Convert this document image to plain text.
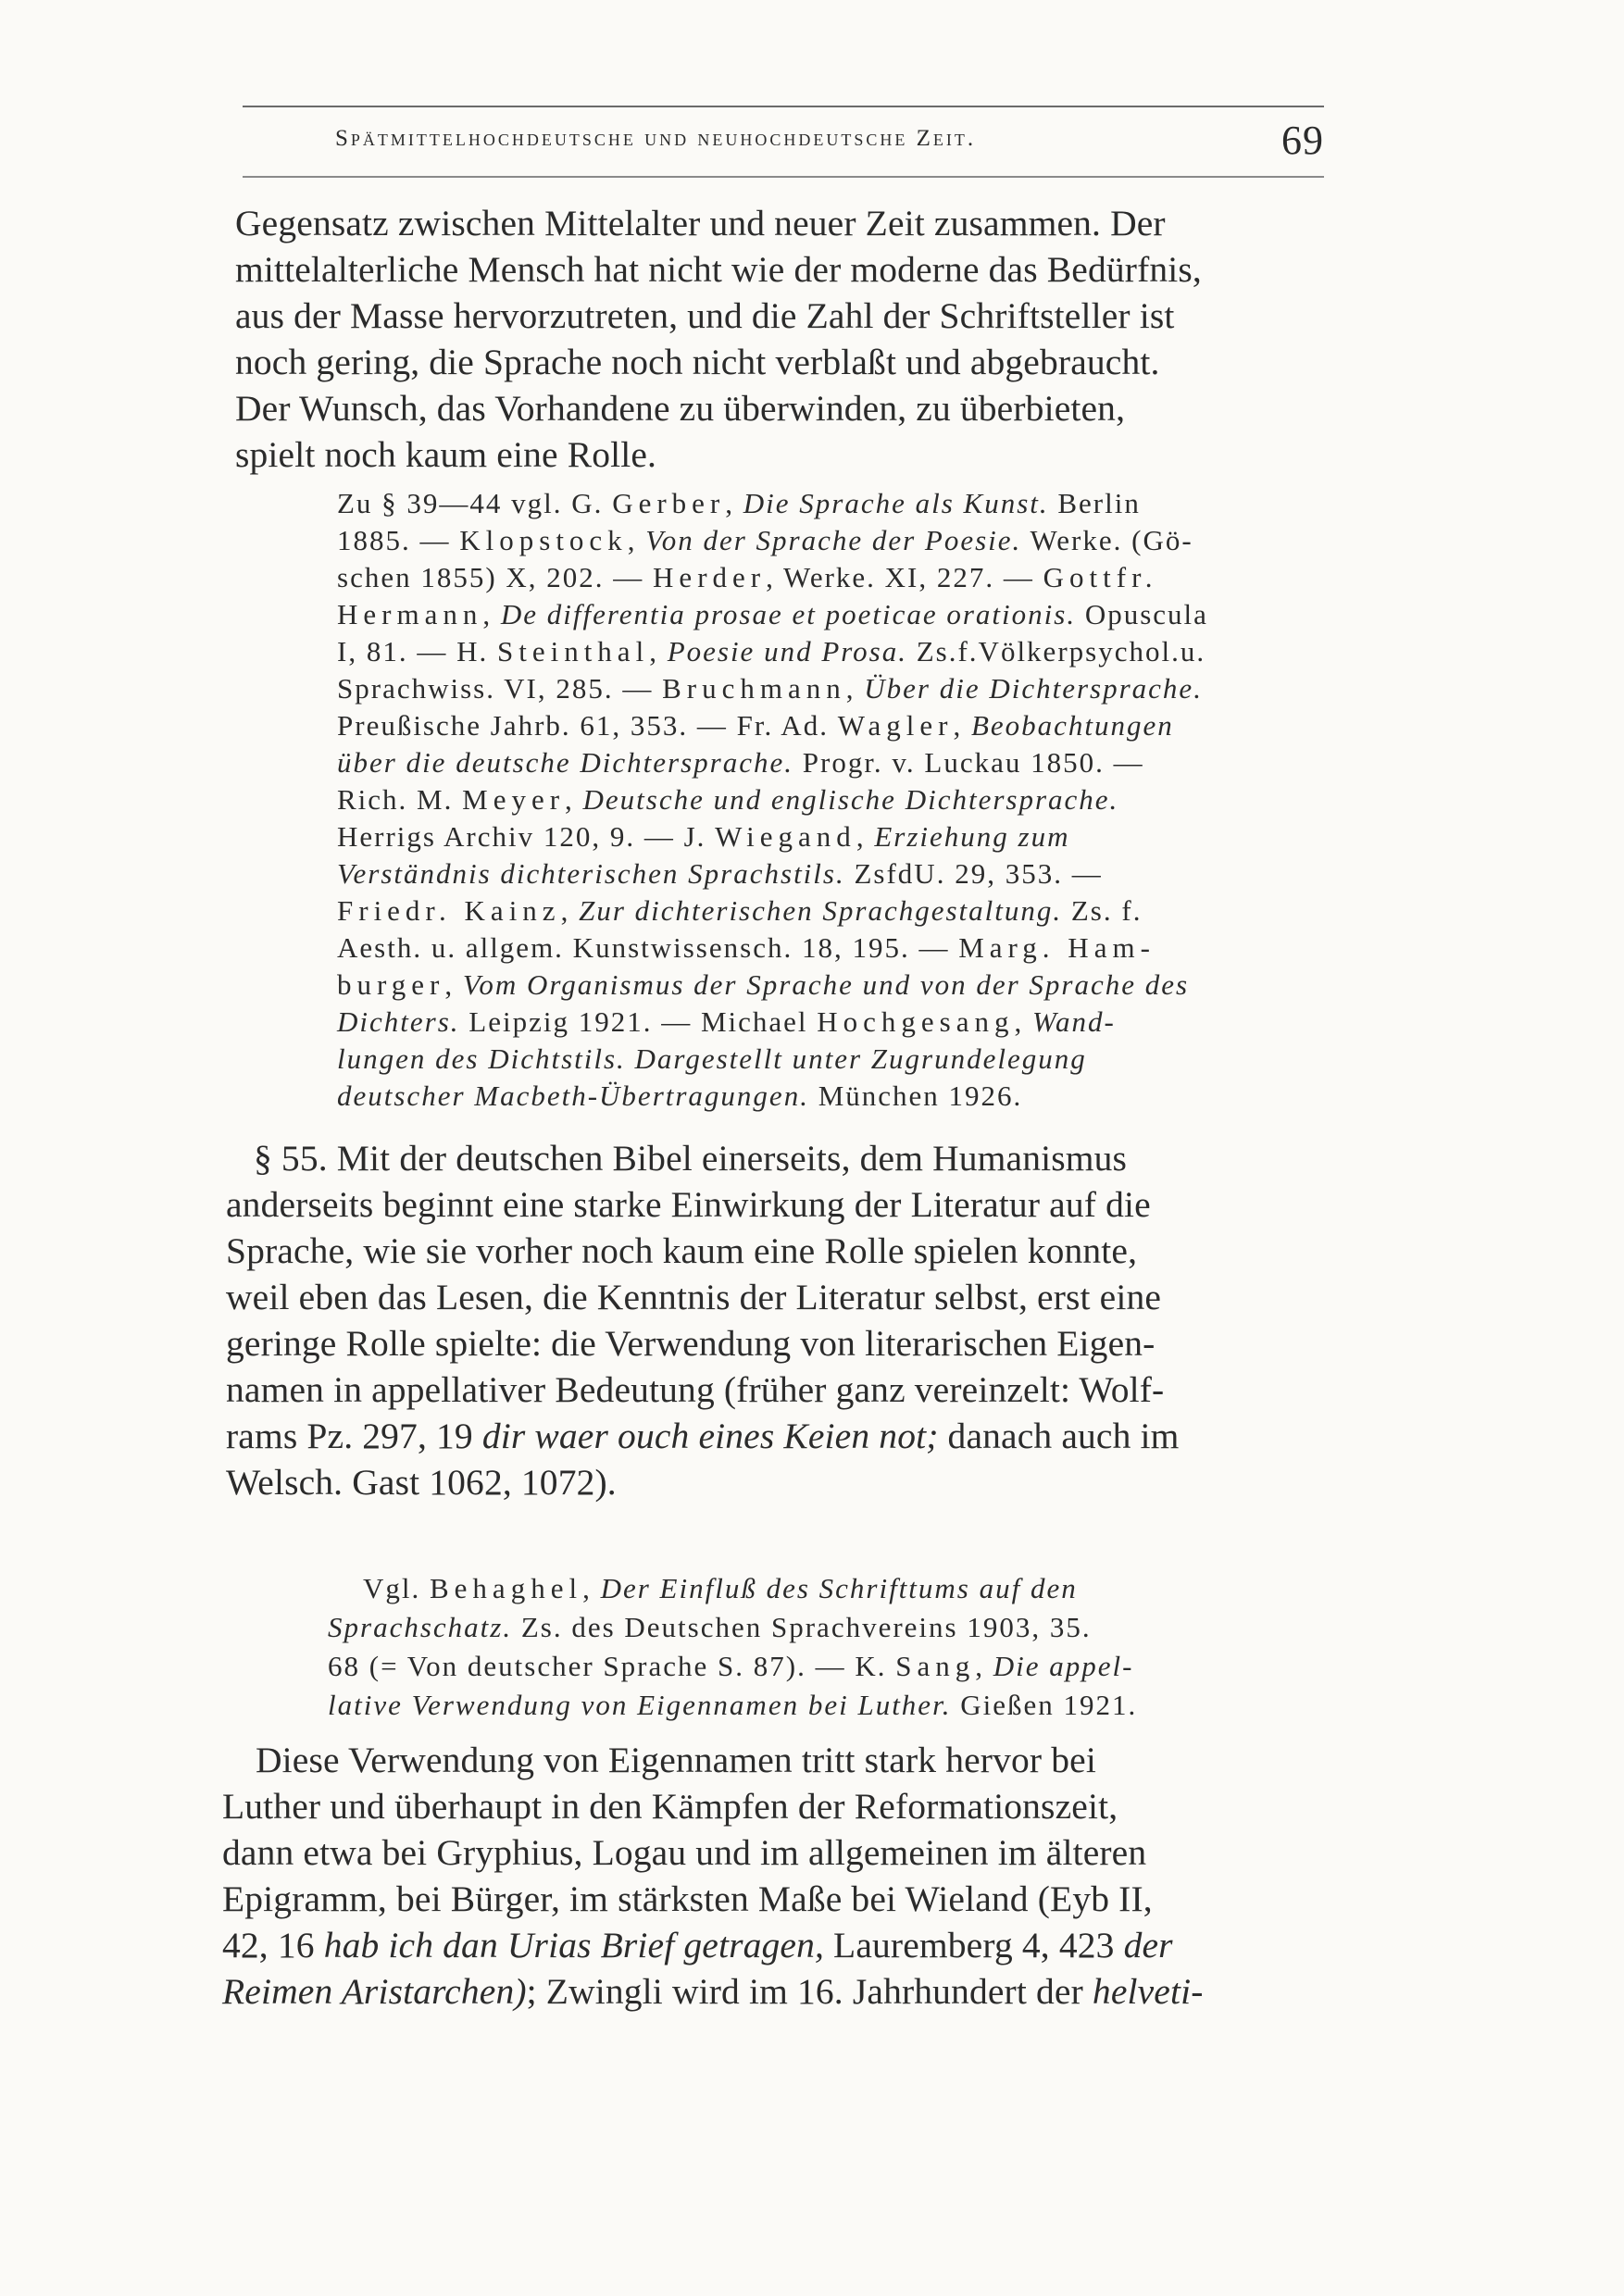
Spätmittelhochdeutsche und neuhochdeutsche Zeit.	69
Gegensatz zwischen Mittelalter und neuer Zeit zusammen. Der
mittelalterliche Mensch hat nicht wie der moderne das Bedürfnis,
aus der Masse hervorzutreten, und die Zahl der Schriftsteller ist
noch gering, die Sprache noch nicht verblaßt und abgebraucht.
Der Wunsch, das Vorhandene zu überwinden, zu überbieten,
spielt noch kaum eine Rolle.
Zu § 39—44 vgl. G. Gerber, Die Sprache als Kunst. Berlin
1885. — Klopstock, Von der Sprache der Poesie. Werke. (Gö-
schen 1855) X, 202. — Herder, Werke. XI, 227. — Gottfr.
Hermann, De differentia prosae et poeticae orationis. Opuscula
I, 81. — H. Steinthal, Poesie und Prosa. Zs.f.Völkerpsychol.u.
Sprachwiss. VI, 285. — Bruchmann, Über die Dichtersprache.
Preußische Jahrb. 61, 353. — Fr. Ad. Wagler, Beobachtungen
über die deutsche Dichtersprache. Progr. v. Luckau 1850. —
Rich. M. Meyer, Deutsche und englische Dichtersprache.
Herrigs Archiv 120, 9. — J. Wiegand, Erziehung zum
Verständnis dichterischen Sprachstils. ZsfdU. 29, 353. —
Friedr. Kainz, Zur dichterischen Sprachgestaltung. Zs. f.
Aesth. u. allgem. Kunstwissensch. 18, 195. — Marg. Ham-
burger, Vom Organismus der Sprache und von der Sprache des
Dichters. Leipzig 1921. — Michael Hochgesang, Wand-
lungen des Dichtstils. Dargestellt unter Zugrundelegung
deutscher Macbeth-Übertragungen. München 1926.
§ 55. Mit der deutschen Bibel einerseits, dem Humanismus
anderseits beginnt eine starke Einwirkung der Literatur auf die
Sprache, wie sie vorher noch kaum eine Rolle spielen konnte,
weil eben das Lesen, die Kenntnis der Literatur selbst, erst eine
geringe Rolle spielte: die Verwendung von literarischen Eigen-
namen in appellativer Bedeutung (früher ganz vereinzelt: Wolf-
rams Pz. 297, 19 dir waer ouch eines Keien not; danach auch im
Welsch. Gast 1062, 1072).
Vgl. Behaghel, Der Einfluß des Schrifttums auf den
Sprachschatz. Zs. des Deutschen Sprachvereins 1903, 35.
68 (= Von deutscher Sprache S. 87). — K. Sang, Die appel-
lative Verwendung von Eigennamen bei Luther. Gießen 1921.
Diese Verwendung von Eigennamen tritt stark hervor bei
Luther und überhaupt in den Kämpfen der Reformationszeit,
dann etwa bei Gryphius, Logau und im allgemeinen im älteren
Epigramm, bei Bürger, im stärksten Maße bei Wieland (Eyb II,
42, 16 hab ich dan Urias Brief getragen, Lauremberg 4, 423 der
Reimen Aristarchen); Zwingli wird im 16. Jahrhundert der helveti-
